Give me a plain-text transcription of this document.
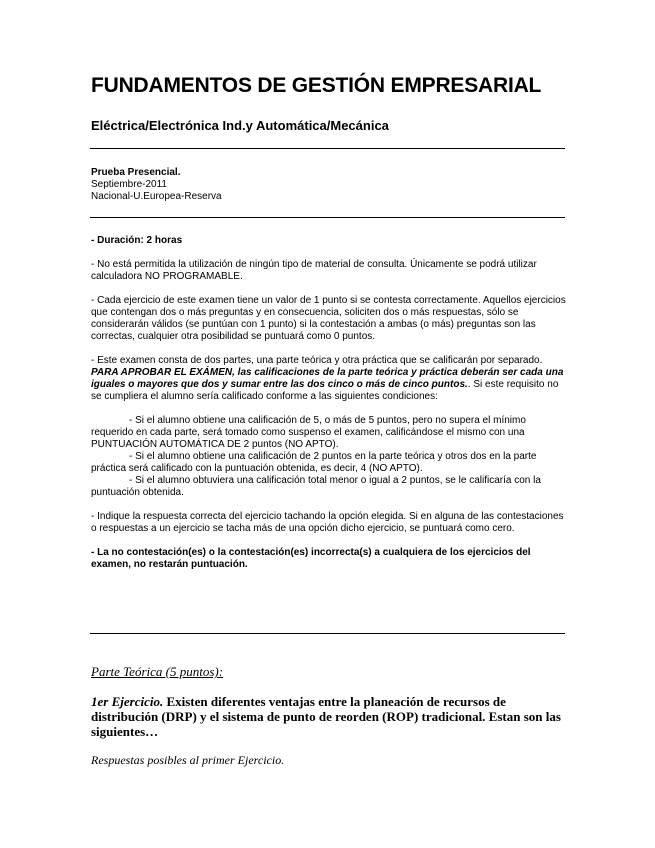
FUNDAMENTOS DE GESTIÓN EMPRESARIAL
Eléctrica/Electrónica Ind.y Automática/Mecánica
Prueba Presencial.
Septiembre-2011
Nacional-U.Europea-Reserva

- Duración: 2 horas

- No está permitida la utilización de ningún tipo de material de consulta. Únicamente se podrá utilizar calculadora NO PROGRAMABLE.

- Cada ejercicio de este examen tiene un valor de 1 punto si se contesta correctamente. Aquellos ejercicios que contengan dos o más preguntas y en consecuencia, soliciten dos o más respuestas, sólo se considerarán válidos (se puntúan con 1 punto) si la contestación a ambas (o más) preguntas son las correctas, cualquier otra posibilidad se puntuará como 0 puntos.

- Este examen consta de dos partes, una parte teórica y otra práctica que se calificarán por separado. PARA APROBAR EL EXÁMEN, las calificaciones de la parte teórica y práctica deberán ser cada una iguales o mayores que dos y sumar entre las dos cinco o más de cinco puntos.. Si este requisito no se cumpliera el alumno sería calificado conforme a las siguientes condiciones:

- Si el alumno obtiene una calificación de 5, o más de 5 puntos, pero no supera el mínimo requerido en cada parte, será tomado como suspenso el examen, calificándose el mismo con una PUNTUACIÓN AUTOMÁTICA DE 2 puntos (NO APTO).

- Si el alumno obtiene una calificación de 2 puntos en la parte teórica y otros dos en la parte práctica será calificado con la puntuación obtenida, es decir, 4 (NO APTO).

- Si el alumno obtuviera una calificación total menor o igual a 2 puntos, se le calificaría con la puntuación obtenida.

- Indique la respuesta correcta del ejercicio tachando la opción elegida. Si en alguna de las contestaciones o respuestas a un ejercicio se tacha más de una opción dicho ejercicio, se puntuará como cero.

- La no contestación(es) o la contestación(es) incorrecta(s) a cualquiera de los ejercicios del examen, no restarán puntuación.

Parte Teórica (5 puntos):
1er Ejercicio. Existen diferentes ventajas entre la planeación de recursos de distribución (DRP) y el sistema de punto de reorden (ROP) tradicional. Estan son las siguientes…
Respuestas posibles al primer Ejercicio.
